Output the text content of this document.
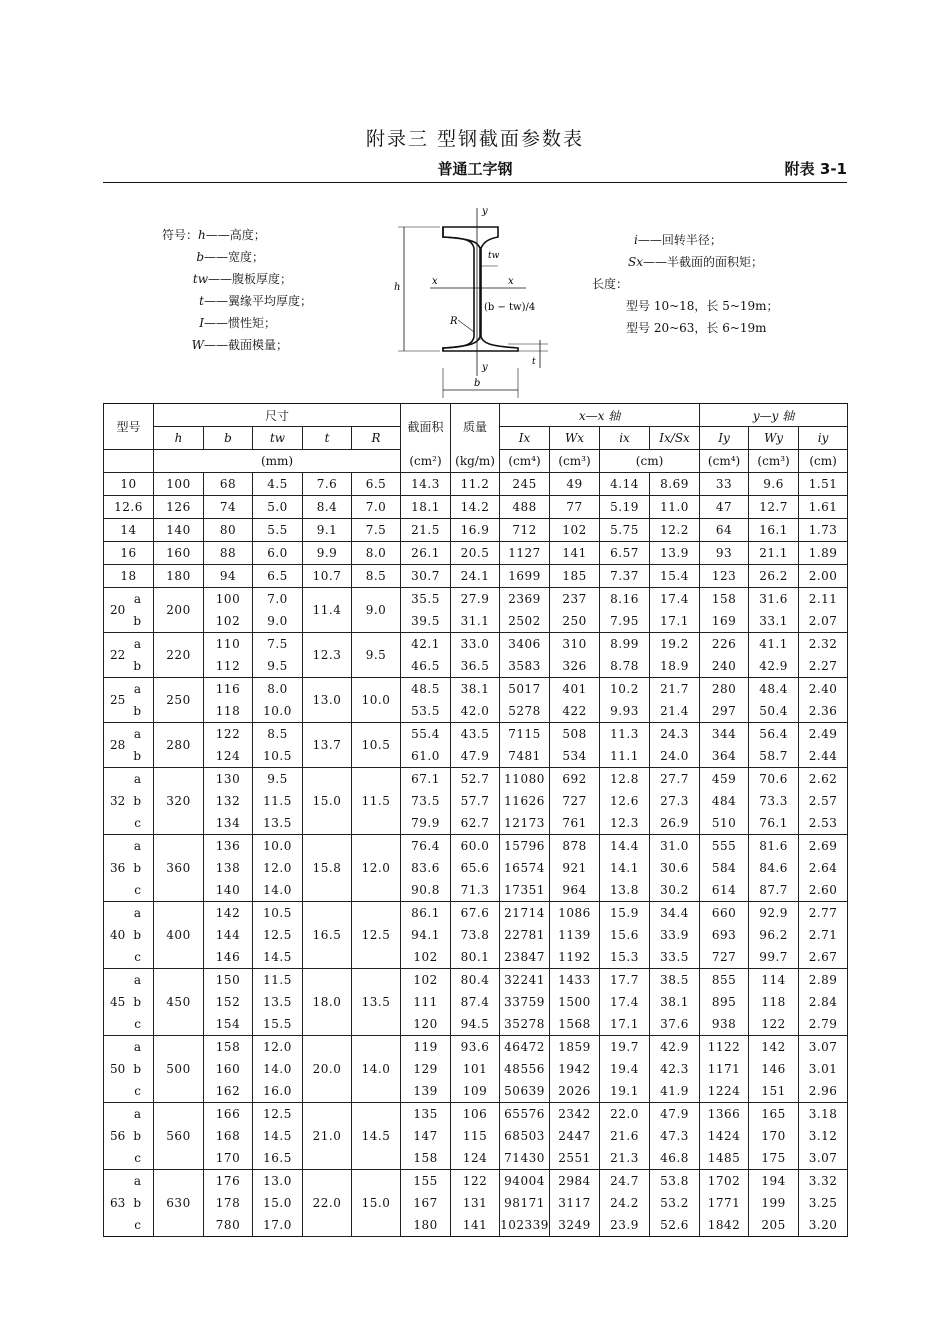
附录三 型钢截面参数表
普通工字钢	附表 3-1
符号：h——高度；
b——宽度；
tw——腹板厚度；
t——翼缘平均厚度；
I——惯性矩；
W——截面模量；
y
y
x	x
h
b
tw
R
t
(b − tw)/4
i——回转半径；
Sx——半截面的面积矩；
长度：
型号 10~18，长 5~19m；
型号 20~63，长 6~19m
型号	尺寸					截面积	质量	x—x 轴				y—y 轴		
	h	b	tw	t	R			Ix	Wx	ix	Ix/Sx	Iy	Wy	iy
	(mm)					(cm²)	(kg/m)	(cm⁴)	(cm³)	(cm)		(cm⁴)	(cm³)	(cm)
10	100	68	4.5	7.6	6.5	14.3	11.2	245	49	4.14	8.69	33	9.6	1.51
12.6	126	74	5.0	8.4	7.0	18.1	14.2	488	77	5.19	11.0	47	12.7	1.61
14	140	80	5.5	9.1	7.5	21.5	16.9	712	102	5.75	12.2	64	16.1	1.73
16	160	88	6.0	9.9	8.0	26.1	20.5	1127	141	6.57	13.9	93	21.1	1.89
18	180	94	6.5	10.7	8.5	30.7	24.1	1699	185	7.37	15.4	123	26.2	2.00

20
a	200	100	7.0	11.4	9.0	35.5	27.9	2369	237	8.16	17.4	158	31.6	2.11

b		102	9.0			39.5	31.1	2502	250	7.95	17.1	169	33.1	2.07

22
a	220	110	7.5	12.3	9.5	42.1	33.0	3406	310	8.99	19.2	226	41.1	2.32

b		112	9.5			46.5	36.5	3583	326	8.78	18.9	240	42.9	2.27

25
a	250	116	8.0	13.0	10.0	48.5	38.1	5017	401	10.2	21.7	280	48.4	2.40

b		118	10.0			53.5	42.0	5278	422	9.93	21.4	297	50.4	2.36

28
a	280	122	8.5	13.7	10.5	55.4	43.5	7115	508	11.3	24.3	344	56.4	2.49

b		124	10.5			61.0	47.9	7481	534	11.1	24.0	364	58.7	2.44

a	320	130	9.5	15.0	11.5	67.1	52.7	11080	692	12.8	27.7	459	70.6	2.62

32 b		132	11.5			73.5	57.7	11626	727	12.6	27.3	484	73.3	2.57

c		134	13.5			79.9	62.7	12173	761	12.3	26.9	510	76.1	2.53

a	360	136	10.0	15.8	12.0	76.4	60.0	15796	878	14.4	31.0	555	81.6	2.69

36 b		138	12.0			83.6	65.6	16574	921	14.1	30.6	584	84.6	2.64

c		140	14.0			90.8	71.3	17351	964	13.8	30.2	614	87.7	2.60

a	400	142	10.5	16.5	12.5	86.1	67.6	21714	1086	15.9	34.4	660	92.9	2.77

40 b		144	12.5			94.1	73.8	22781	1139	15.6	33.9	693	96.2	2.71

c		146	14.5			102	80.1	23847	1192	15.3	33.5	727	99.7	2.67

a	450	150	11.5	18.0	13.5	102	80.4	32241	1433	17.7	38.5	855	114	2.89

45 b		152	13.5			111	87.4	33759	1500	17.4	38.1	895	118	2.84

c		154	15.5			120	94.5	35278	1568	17.1	37.6	938	122	2.79

a	500	158	12.0	20.0	14.0	119	93.6	46472	1859	19.7	42.9	1122	142	3.07

50 b		160	14.0			129	101	48556	1942	19.4	42.3	1171	146	3.01

c		162	16.0			139	109	50639	2026	19.1	41.9	1224	151	2.96

a	560	166	12.5	21.0	14.5	135	106	65576	2342	22.0	47.9	1366	165	3.18

56 b		168	14.5			147	115	68503	2447	21.6	47.3	1424	170	3.12

c		170	16.5			158	124	71430	2551	21.3	46.8	1485	175	3.07

a	630	176	13.0	22.0	15.0	155	122	94004	2984	24.7	53.8	1702	194	3.32

63 b		178	15.0			167	131	98171	3117	24.2	53.2	1771	199	3.25

c		780	17.0			180	141	102339	3249	23.9	52.6	1842	205	3.20
